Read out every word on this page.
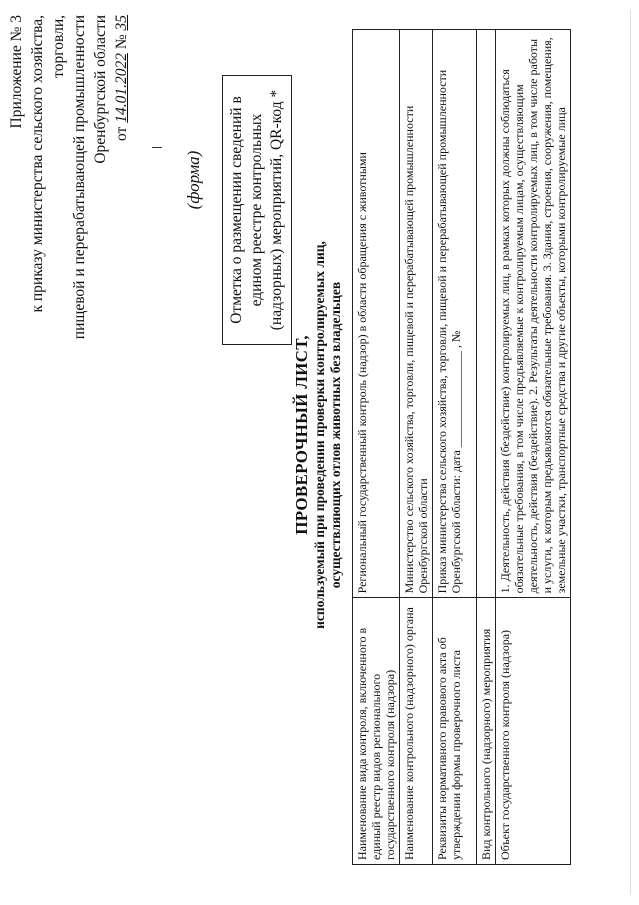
Приложение № 3 к приказу министерства сельского хозяйства, торговли, пищевой и перерабатывающей промышленности Оренбургской области от 14.01.2022 № 35
(форма)	Отметка о размещении сведений в едином реестре контрольных (надзорных) мероприятий, QR-код *
ПРОВЕРОЧНЫЙ ЛИСТ, используемый при проведении проверки контролируемых лиц, осуществляющих отлов животных без владельцев
Наименование вида контроля, включенного в единый реестр видов регионального государственного контроля (надзора)	Региональный государственный контроль (надзор) в области обращения с животными
Наименование контрольного (надзорного) органа	Министерство сельского хозяйства, торговли, пищевой и перерабатывающей промышленности Оренбургской области
Реквизиты нормативного правового акта об утверждении формы проверочного листа	Приказ министерства сельского хозяйства, торговли, пищевой и перерабатывающей промышленности Оренбургской области: дата ________________ , №
Вид контрольного (надзорного) мероприятия	
Объект государственного контроля (надзора)	1. Деятельность, действия (бездействие) контролируемых лиц, в рамках которых должны соблюдаться обязательные требования, в том числе предъявляемые к контролируемым лицам, осуществляющим деятельность, действия (бездействие). 2. Результаты деятельности контролируемых лиц, в том числе работы и услуги, к которым предъявляются обязательные требования. 3. Здания, строения, сооружения, помещения, земельные участки, транспортные средства и другие объекты, которыми контролируемые лица
